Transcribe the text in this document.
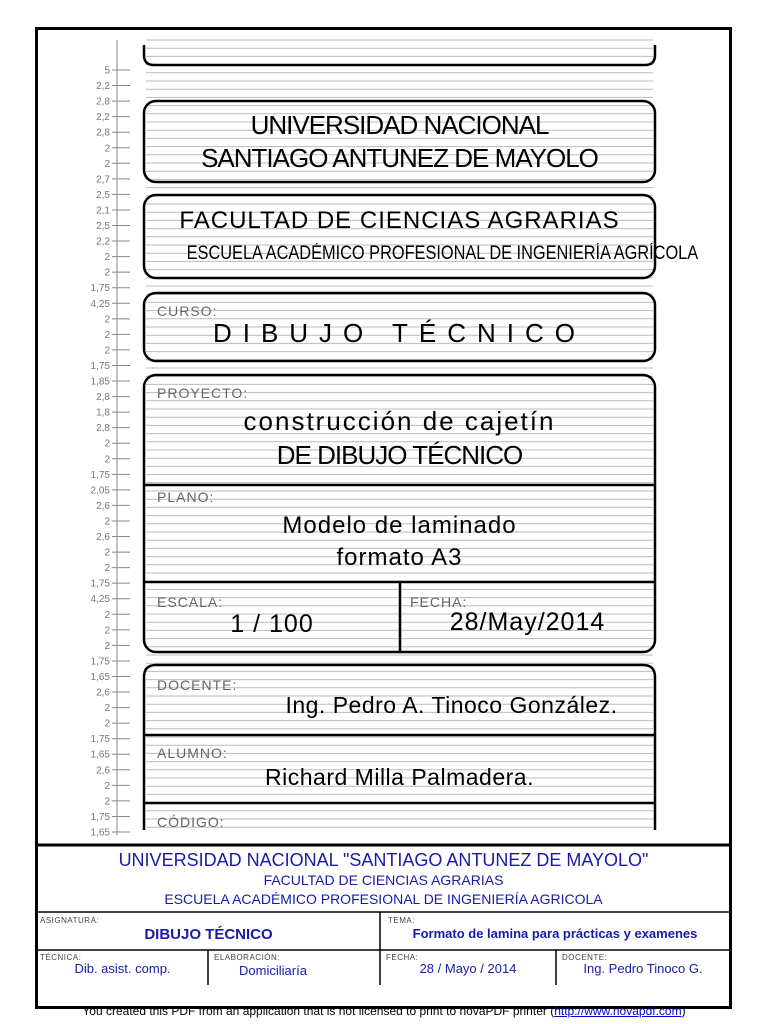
5
2,2
2,8
2,2
2,8
2
2
2,7
2,5
2,1
2,5
2,2
2
2
1,75
4,25
2
2
2
1,75
1,85
2,8
1,8
2,8
2
2
1,75
2,05
2,6
2
2,6
2
2
1,75
4,25
2
2
2
1,75
1,65
2,6
2
2
1,75
1,65
2,6
2
2
1,75
1,65
UNIVERSIDAD NACIONAL
SANTIAGO ANTUNEZ DE MAYOLO
FACULTAD DE CIENCIAS AGRARIAS
ESCUELA ACADÉMICO PROFESIONAL DE INGENIERÍA AGRÍCOLA
CURSO:
DIBUJO TÉCNICO
PROYECTO:
construcción de cajetín
DE DIBUJO TÉCNICO
PLANO:
Modelo de laminado
formato A3
ESCALA:
1 / 100
FECHA:
28/May/2014
DOCENTE:
Ing. Pedro A. Tinoco González.
ALUMNO:
Richard Milla Palmadera.
CÓDIGO:
UNIVERSIDAD NACIONAL "SANTIAGO ANTUNEZ DE MAYOLO"
FACULTAD DE CIENCIAS AGRARIAS
ESCUELA ACADÉMICO PROFESIONAL DE INGENIERÍA AGRICOLA
ASIGNATURA:
DIBUJO TÉCNICO
TEMA:
Formato de lamina para prácticas y examenes
TÉCNICA:
Dib. asist. comp.
ELABORACIÓN:
Domiciliaría
FECHA:
28 / Mayo / 2014
DOCENTE:
Ing. Pedro Tinoco G.
You created this PDF from an application that is not licensed to print to novaPDF printer (http://www.novapdf.com)
